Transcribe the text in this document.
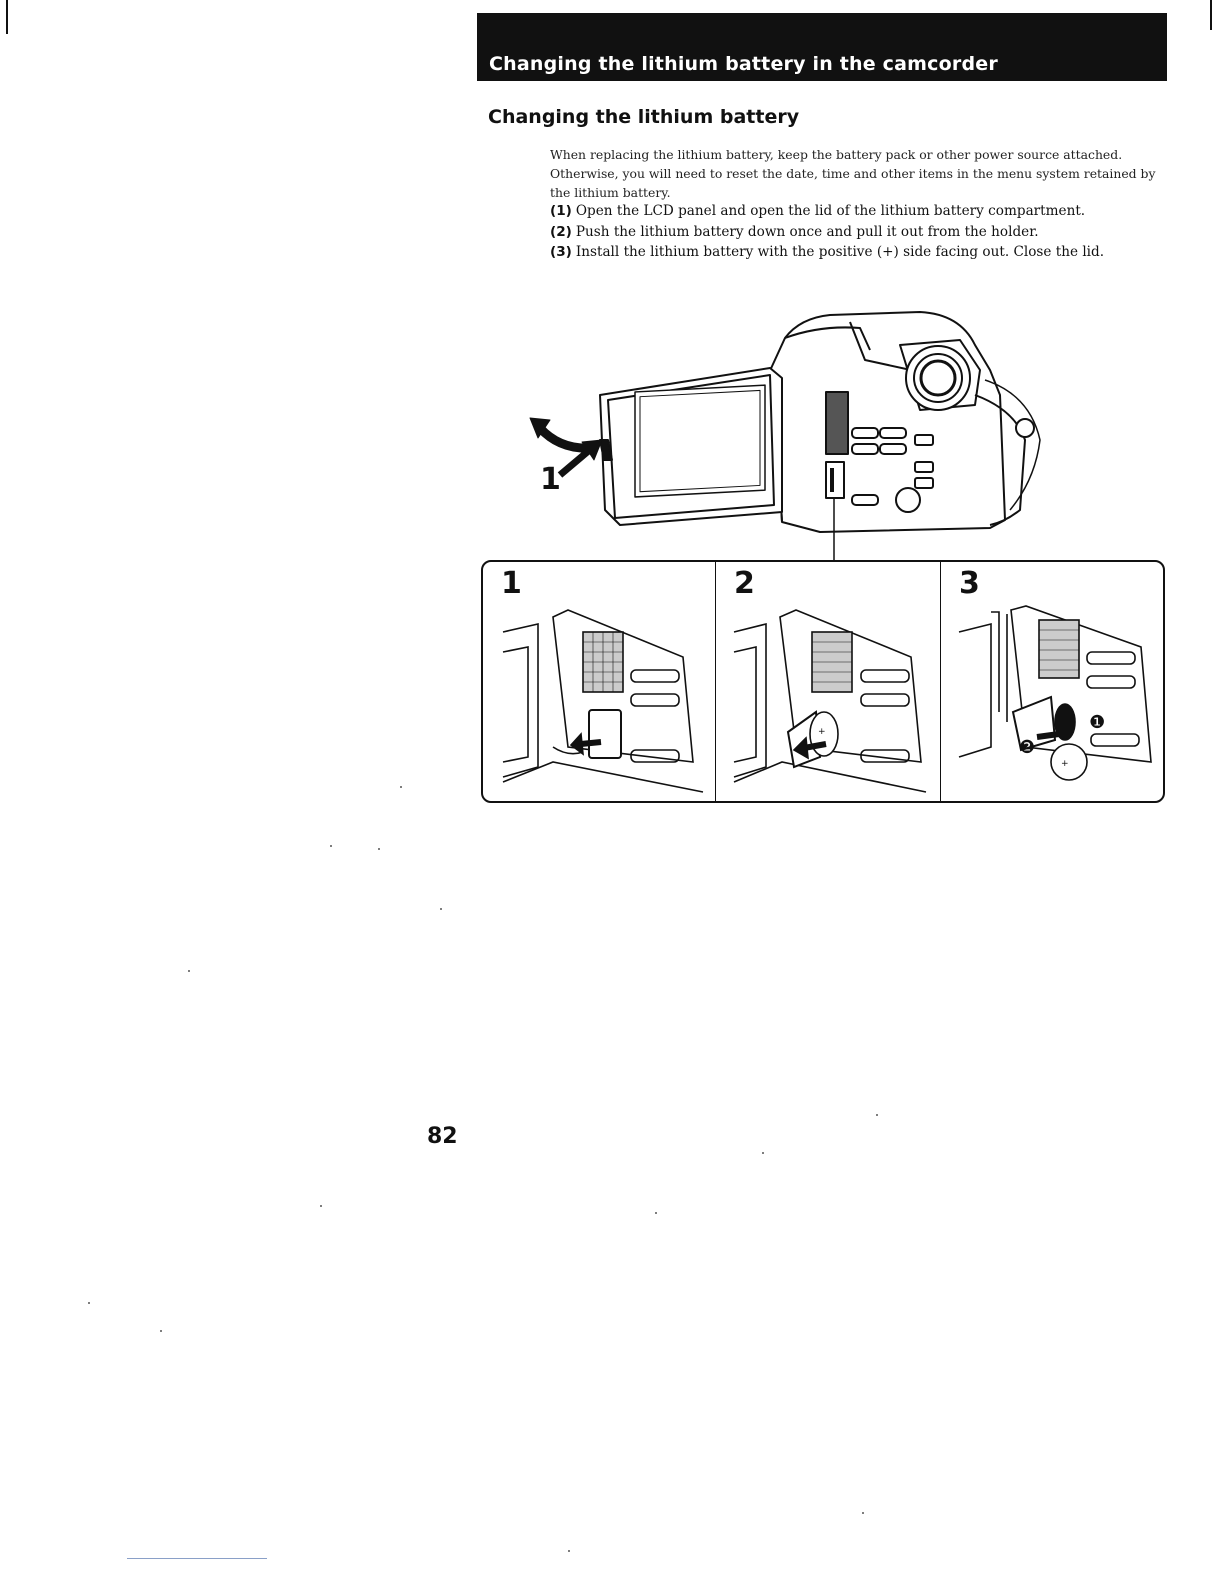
Changing the lithium battery in the camcorder
Changing the lithium battery
When replacing the lithium battery, keep the battery pack or other power source attached. Otherwise, you will need to reset the date, time and other items in the menu system retained by the lithium battery.
(1) Open the LCD panel and open the lid of the lithium battery compartment.
(2) Push the lithium battery down once and pull it out from the holder.
(3) Install the lithium battery with the positive (+) side facing out. Close the lid.
1
1
+
2
+
3
❶
❷
82
